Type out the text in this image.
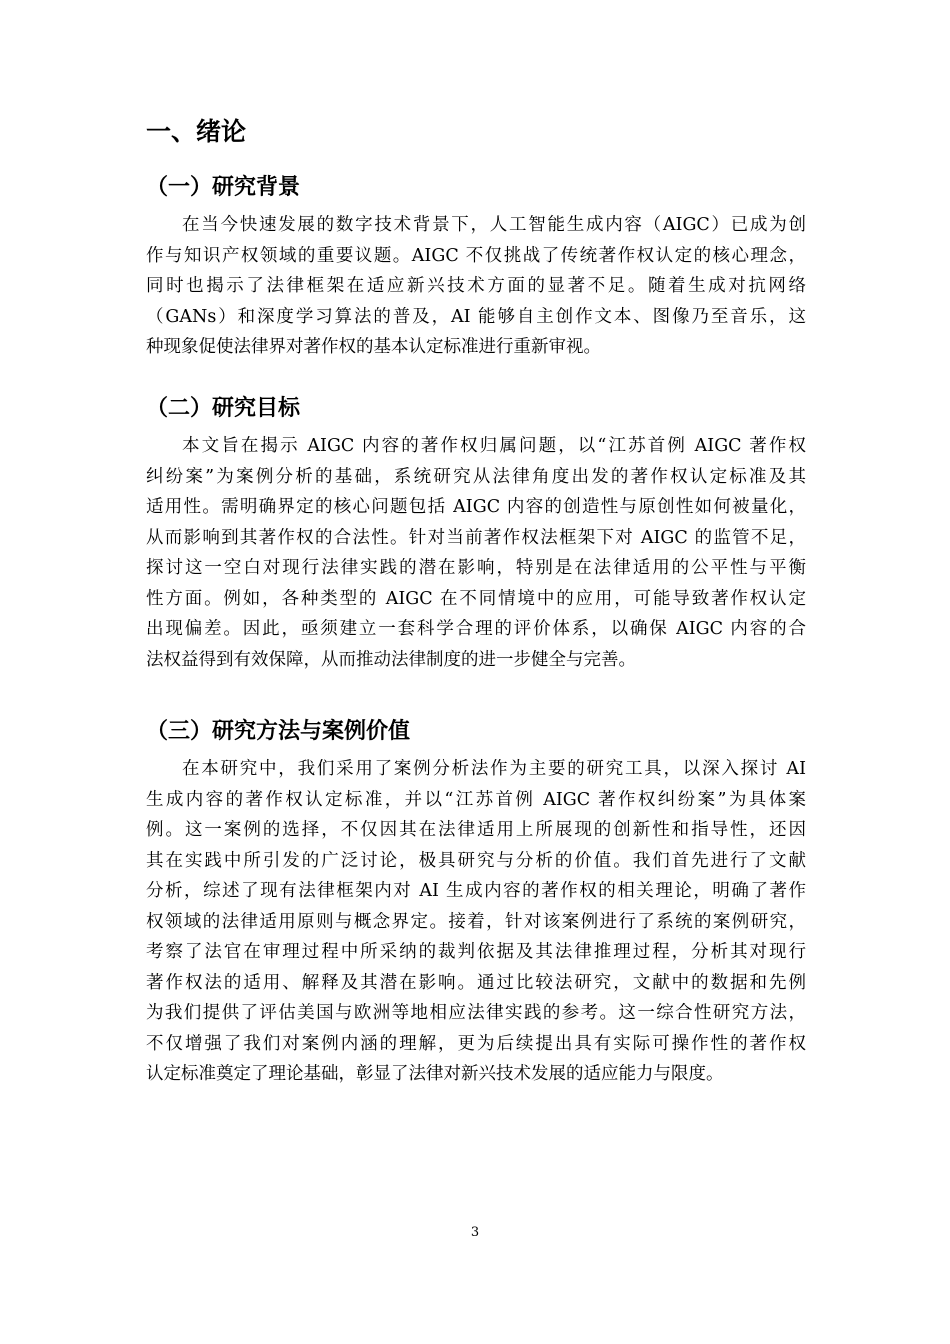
一、绪论
（一）研究背景
在当今快速发展的数字技术背景下，人工智能生成内容（AIGC）已成为创
作与知识产权领域的重要议题。AIGC 不仅挑战了传统著作权认定的核心理念，
同时也揭示了法律框架在适应新兴技术方面的显著不足。随着生成对抗网络
（GANs）和深度学习算法的普及，AI 能够自主创作文本、图像乃至音乐，这
种现象促使法律界对著作权的基本认定标准进行重新审视。
（二）研究目标
本文旨在揭示 AIGC 内容的著作权归属问题，以“江苏首例 AIGC 著作权
纠纷案”为案例分析的基础，系统研究从法律角度出发的著作权认定标准及其
适用性。需明确界定的核心问题包括 AIGC 内容的创造性与原创性如何被量化，
从而影响到其著作权的合法性。针对当前著作权法框架下对 AIGC 的监管不足，
探讨这一空白对现行法律实践的潜在影响，特别是在法律适用的公平性与平衡
性方面。例如，各种类型的 AIGC 在不同情境中的应用，可能导致著作权认定
出现偏差。因此，亟须建立一套科学合理的评价体系，以确保 AIGC 内容的合
法权益得到有效保障，从而推动法律制度的进一步健全与完善。
（三）研究方法与案例价值
在本研究中，我们采用了案例分析法作为主要的研究工具，以深入探讨 AI
生成内容的著作权认定标准，并以“江苏首例 AIGC 著作权纠纷案”为具体案
例。这一案例的选择，不仅因其在法律适用上所展现的创新性和指导性，还因
其在实践中所引发的广泛讨论，极具研究与分析的价值。我们首先进行了文献
分析，综述了现有法律框架内对 AI 生成内容的著作权的相关理论，明确了著作
权领域的法律适用原则与概念界定。接着，针对该案例进行了系统的案例研究，
考察了法官在审理过程中所采纳的裁判依据及其法律推理过程，分析其对现行
著作权法的适用、解释及其潜在影响。通过比较法研究，文献中的数据和先例
为我们提供了评估美国与欧洲等地相应法律实践的参考。这一综合性研究方法，
不仅增强了我们对案例内涵的理解，更为后续提出具有实际可操作性的著作权
认定标准奠定了理论基础，彰显了法律对新兴技术发展的适应能力与限度。
3
